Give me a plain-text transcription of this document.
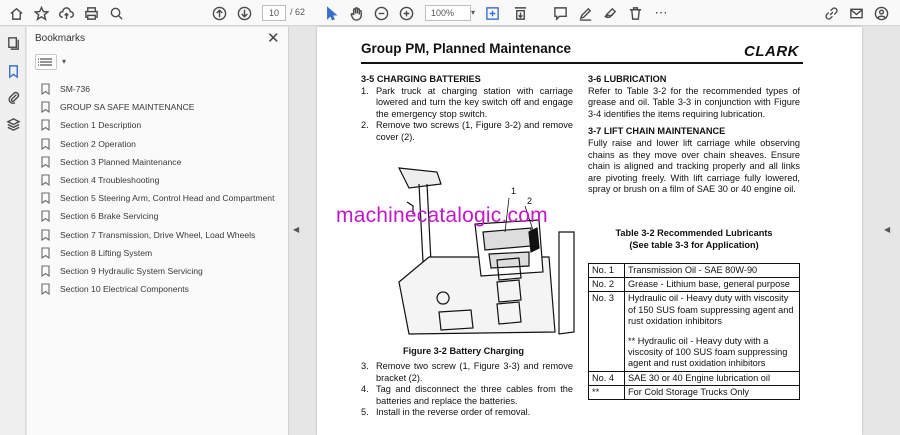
10	/ 62	100%	▾	⋯
Bookmarks	✕
▾
SM-736
GROUP SA SAFE MAINTENANCE
Section 1 Description
Section 2 Operation
Section 3 Planned Maintenance
Section 4 Troubleshooting
Section 5 Steering Arm, Control Head and Compartment
Section 6 Brake Servicing
Section 7 Transmission, Drive Wheel, Load Wheels
Section 8 Lifting System
Section 9 Hydraulic System Servicing
Section 10 Electrical Components
◀	◀
Group PM, Planned Maintenance	CLARK
3-5 CHARGING BATTERIES
1. Park truck at charging station with carriage lowered and turn the key switch off and engage the emergency stop switch.
2. Remove two screws (1, Figure 3-2) and remove cover (2).
1
2
Figure 3-2 Battery Charging
3. Remove two screw (1, Figure 3-3) and remove bracket (2).
4. Tag and disconnect the three cables from the batteries and replace the batteries.
5. Install in the reverse order of removal.
3-6 LUBRICATION
Refer to Table 3-2 for the recommended types of grease and oil. Table 3-3 in conjunction with Figure 3-4 identifies the items requiring lubrication.
3-7 LIFT CHAIN MAINTENANCE
Fully raise and lower lift carriage while observing chains as they move over chain sheaves. Ensure chain is aligned and tracking properly and all links are pivoting freely. With lift carriage fully lowered, spray or brush on a film of SAE 30 or 40 engine oil.
Table 3-2 Recommended Lubricants
(See table 3-3 for Application)
No. 1	Transmission Oil - SAE 80W-90
No. 2	Grease - Lithium base, general purpose
No. 3	Hydraulic oil - Heavy duty with viscosity of 150 SUS foam suppressing agent and rust oxidation inhibitors
** Hydraulic oil - Heavy duty with a viscosity of 100 SUS foam suppressing agent and rust oxidation inhibitors

No. 4	SAE 30 or 40 Engine lubrication oil
**	For Cold Storage Trucks Only
machinecatalogic.com
